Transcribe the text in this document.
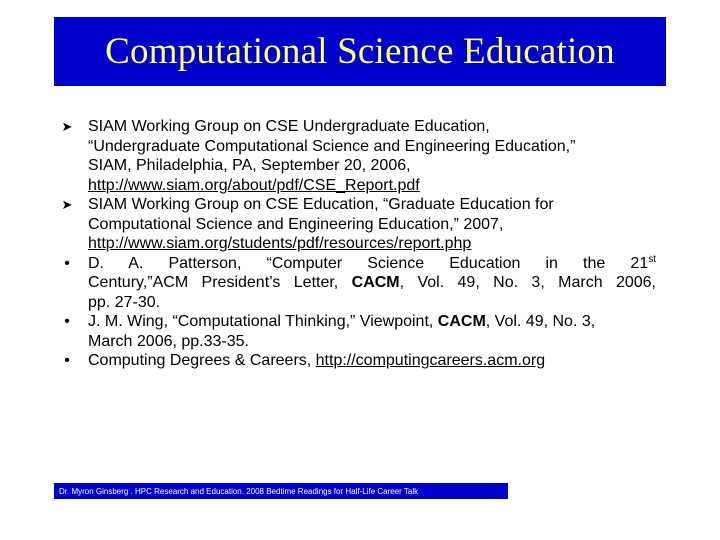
Computational Science Education
➤ SIAM Working Group on CSE Undergraduate Education,
“Undergraduate Computational Science and Engineering Education,”
SIAM, Philadelphia, PA, September 20, 2006,
http://www.siam.org/about/pdf/CSE_Report.pdf
➤ SIAM Working Group on CSE Education, “Graduate Education for
Computational Science and Engineering Education,” 2007,
http://www.siam.org/students/pdf/resources/report.php
•	D. A. Patterson, “Computer Science Education in the 21st
Century,”ACM President’s Letter, CACM, Vol. 49, No. 3, March 2006,
pp. 27-30.
•	J. M. Wing, “Computational Thinking,” Viewpoint, CACM, Vol. 49, No. 3,
March 2006, pp.33-35.
•	Computing Degrees & Careers, http://computingcareers.acm.org
Dr. Myron Ginsberg . HPC Research and Education. 2008 Bedtime Readings for Half-Life Career Talk
